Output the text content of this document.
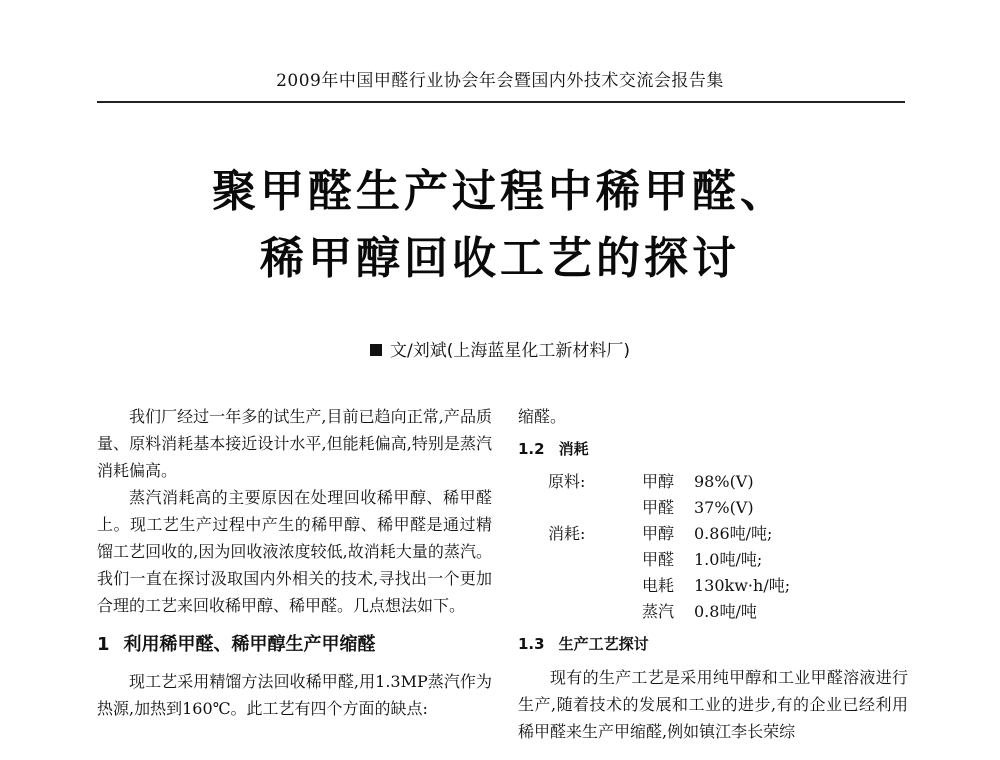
2009年中国甲醛行业协会年会暨国内外技术交流会报告集
聚甲醛生产过程中稀甲醛、
稀甲醇回收工艺的探讨
文/刘斌(上海蓝星化工新材料厂)

我们厂经过一年多的试生产,目前已趋向正常,产品质量、原料消耗基本接近设计水平,但能耗偏高,特别是蒸汽消耗偏高。

蒸汽消耗高的主要原因在处理回收稀甲醇、稀甲醛上。现工艺生产过程中产生的稀甲醇、稀甲醛是通过精馏工艺回收的,因为回收液浓度较低,故消耗大量的蒸汽。我们一直在探讨汲取国内外相关的技术,寻找出一个更加合理的工艺来回收稀甲醇、稀甲醛。几点想法如下。

1 利用稀甲醛、稀甲醇生产甲缩醛

现工艺采用精馏方法回收稀甲醛,用1.3MP蒸汽作为热源,加热到160℃。此工艺有四个方面的缺点:

缩醛。

1.2 消耗
原料:	甲醇	98%(V)
甲醛	37%(V)
消耗:	甲醇	0.86吨/吨;
甲醛	1.0吨/吨;
电耗	130kw·h/吨;
蒸汽	0.8吨/吨
1.3 生产工艺探讨

现有的生产工艺是采用纯甲醇和工业甲醛溶液进行生产,随着技术的发展和工业的进步,有的企业已经利用稀甲醛来生产甲缩醛,例如镇江李长荣综
